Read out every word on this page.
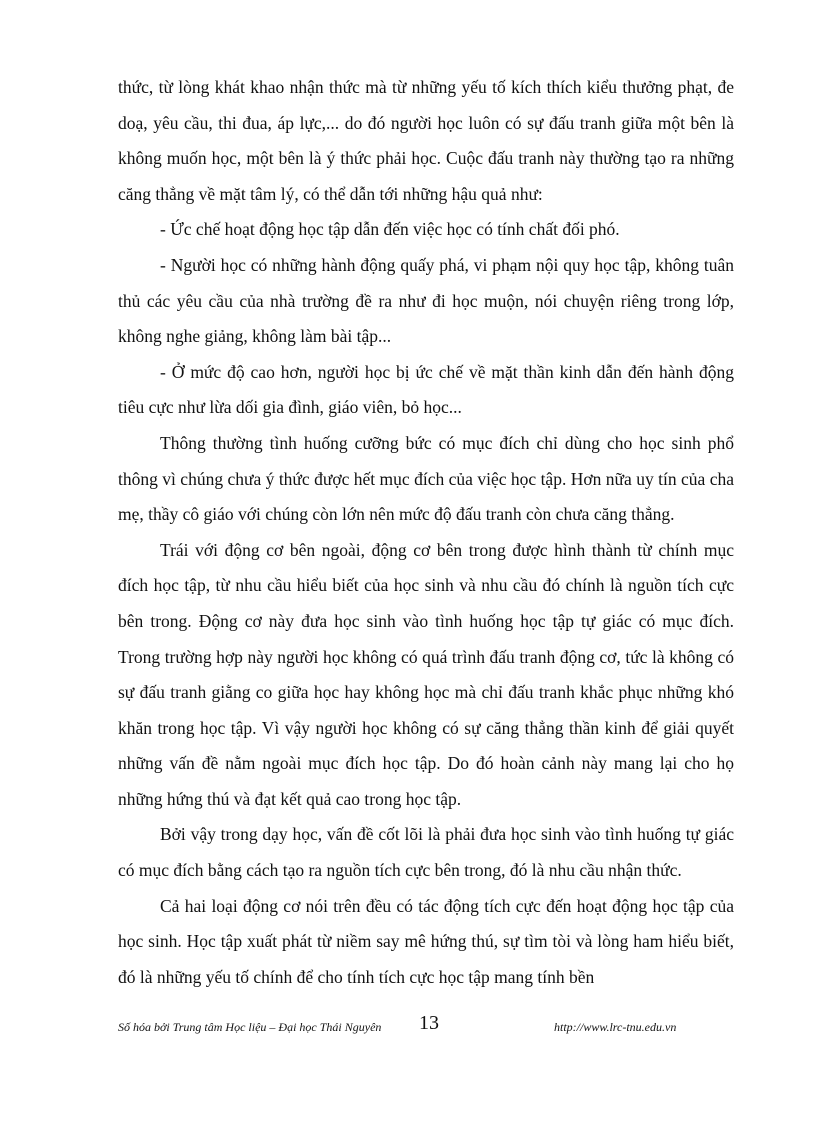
thức, từ lòng khát khao nhận thức mà từ những yếu tố kích thích kiểu thưởng phạt, đe doạ, yêu cầu, thi đua, áp lực,... do đó người học luôn có sự đấu tranh giữa một bên là không muốn học, một bên là ý thức phải học. Cuộc đấu tranh này thường tạo ra những căng thẳng về mặt tâm lý, có thể dẫn tới những hậu quả như:

- Ức chế hoạt động học tập dẫn đến việc học có tính chất đối phó.

- Người học có những hành động quấy phá, vi phạm nội quy học tập, không tuân thủ các yêu cầu của nhà trường đề ra như đi học muộn, nói chuyện riêng trong lớp, không nghe giảng, không làm bài tập...

- Ở mức độ cao hơn, người học bị ức chế về mặt thần kinh dẫn đến hành động tiêu cực như lừa dối gia đình, giáo viên, bỏ học...

Thông thường tình huống cưỡng bức có mục đích chỉ dùng cho học sinh phổ thông vì chúng chưa ý thức được hết mục đích của việc học tập. Hơn nữa uy tín của cha mẹ, thầy cô giáo với chúng còn lớn nên mức độ đấu tranh còn chưa căng thẳng.

Trái với động cơ bên ngoài, động cơ bên trong được hình thành từ chính mục đích học tập, từ nhu cầu hiểu biết của học sinh và nhu cầu đó chính là nguồn tích cực bên trong. Động cơ này đưa học sinh vào tình huống học tập tự giác có mục đích. Trong trường hợp này người học không có quá trình đấu tranh động cơ, tức là không có sự đấu tranh giằng co giữa học hay không học mà chỉ đấu tranh khắc phục những khó khăn trong học tập. Vì vậy người học không có sự căng thẳng thần kinh để giải quyết những vấn đề nằm ngoài mục đích học tập. Do đó hoàn cảnh này mang lại cho họ những hứng thú và đạt kết quả cao trong học tập.

Bởi vậy trong dạy học, vấn đề cốt lõi là phải đưa học sinh vào tình huống tự giác có mục đích bằng cách tạo ra nguồn tích cực bên trong, đó là nhu cầu nhận thức.

Cả hai loại động cơ nói trên đều có tác động tích cực đến hoạt động học tập của học sinh. Học tập xuất phát từ niềm say mê hứng thú, sự tìm tòi và lòng ham hiểu biết, đó là những yếu tố chính để cho tính tích cực học tập mang tính bền

Số hóa bởi Trung tâm Học liệu – Đại học Thái Nguyên 13	http://www.lrc-tnu.edu.vn
